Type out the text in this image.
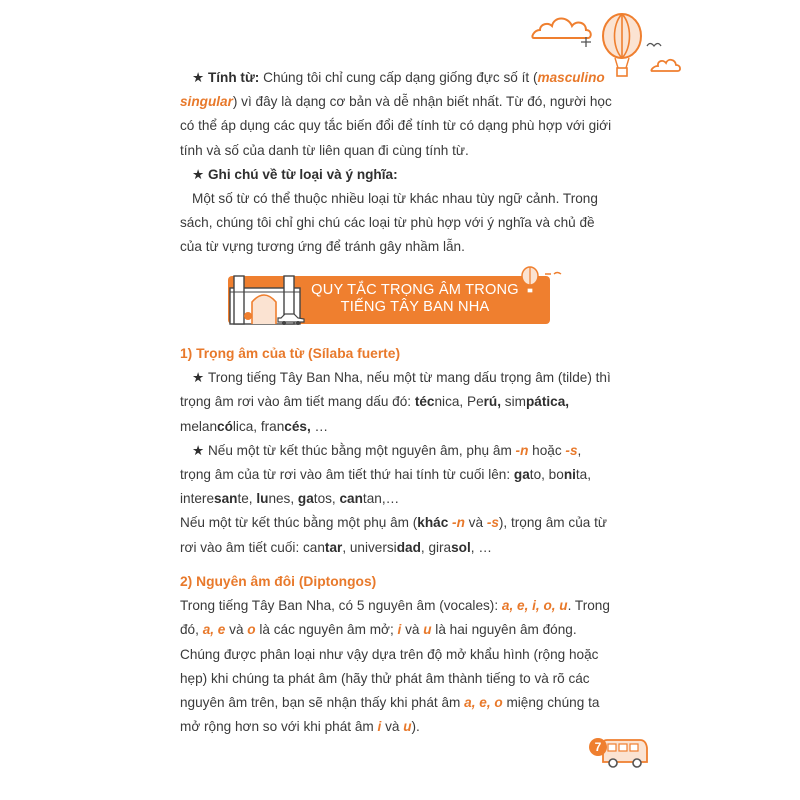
★ Tính từ: Chúng tôi chỉ cung cấp dạng giống đực số ít (masculino singular) vì đây là dạng cơ bản và dễ nhận biết nhất. Từ đó, người học có thể áp dụng các quy tắc biến đổi để tính từ có dạng phù hợp với giới tính và số của danh từ liên quan đi cùng tính từ.

★ Ghi chú về từ loại và ý nghĩa:

Một số từ có thể thuộc nhiều loại từ khác nhau tùy ngữ cảnh. Trong sách, chúng tôi chỉ ghi chú các loại từ phù hợp với ý nghĩa và chủ đề của từ vựng tương ứng để tránh gây nhầm lẫn.

QUY TẮC TRỌNG ÂM TRONG
TIẾNG TÂY BAN NHA

1) Trọng âm của từ (Sílaba fuerte)

★ Trong tiếng Tây Ban Nha, nếu một từ mang dấu trọng âm (tilde) thì trọng âm rơi vào âm tiết mang dấu đó: técnica, Perú, simpática, melancólica, francés, …

★ Nếu một từ kết thúc bằng một nguyên âm, phụ âm -n hoặc -s, trọng âm của từ rơi vào âm tiết thứ hai tính từ cuối lên: gato, bonita, interesante, lunes, gatos, cantan,…

Nếu một từ kết thúc bằng một phụ âm (khác -n và -s), trọng âm của từ rơi vào âm tiết cuối: cantar, universidad, girasol, …

2) Nguyên âm đôi (Diptongos)

Trong tiếng Tây Ban Nha, có 5 nguyên âm (vocales): a, e, i, o, u. Trong đó, a, e và o là các nguyên âm mở; i và u là hai nguyên âm đóng. Chúng được phân loại như vậy dựa trên độ mở khẩu hình (rộng hoặc hẹp) khi chúng ta phát âm (hãy thử phát âm thành tiếng to và rõ các nguyên âm trên, bạn sẽ nhận thấy khi phát âm a, e, o miệng chúng ta mở rộng hơn so với khi phát âm i và u).

7
